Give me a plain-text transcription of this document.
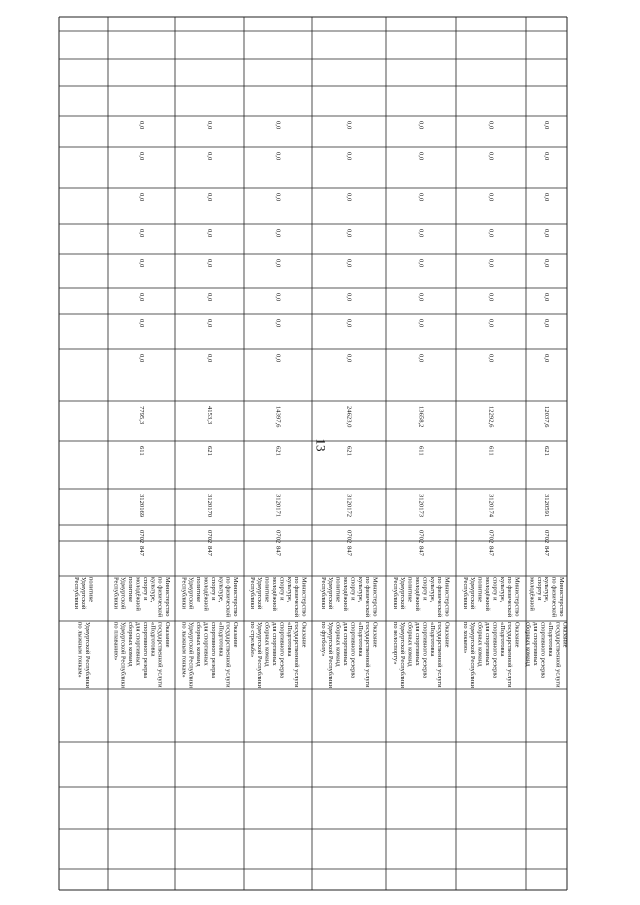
13
Удмуртской Республики по лыжным гонкам»
политике Удмуртской Республики
Оказание государственной услуги «Подготовка спортивного резерва для спортивных сборных команд Удмуртской Республики по плаванию»
Министерство по физической культуре, спорту и молодёжной политике Удмуртской Республики
847
0702
3120169
611
7795,3
0,0
0,0
0,0
0,0
0,0
0,0
0,0
0,0
Оказание государственной услуги «Подготовка спортивного резерва для спортивных сборных команд Удмуртской Республики по лыжным гонкам»
Министерство по физической культуре, спорту и молодёжной политике Удмуртской Республики
847
0702
3120170
621
4153,3
0,0
0,0
0,0
0,0
0,0
0,0
0,0
0,0
Оказание государственной услуги «Подготовка спортивного резерва для спортивных сборных команд Удмуртской Республики по стрельбе»
Министерство по физической культуре, спорту и молодёжной политике Удмуртской Республики
847
0702
3120171
621
14397,6
0,0
0,0
0,0
0,0
0,0
0,0
0,0
0,0
Оказание государственной услуги «Подготовка спортивного резерва для спортивных сборных команд Удмуртской Республики по футболу»
Министерство по физической культуре, спорту и молодёжной политике Удмуртской Республики
847
0702
3120172
621
24623,0
0,0
0,0
0,0
0,0
0,0
0,0
0,0
0,0
Оказание государственной услуги «Подготовка спортивного резерва для спортивных сборных команд Удмуртской Республики по велоспорту»
Министерство по физической культуре, спорту и молодёжной политике Удмуртской Республики
847
0702
3120173
611
13658,2
0,0
0,0
0,0
0,0
0,0
0,0
0,0
0,0
Оказание государственной услуги «Подготовка спортивного резерва для спортивных сборных команд Удмуртской Республики по хоккею»
Министерство по физической культуре, спорту и молодёжной политике Удмуртской Республики
847
0702
3120174
611
12292,6
0,0
0,0
0,0
0,0
0,0
0,0
0,0
0,0
Оказание государственной услуги «Подготовка спортивного резерва для спортивных сборных команд
Министерство по физической культуре, спорту и молодёжной
847
0702
3120591
621
12037,6
0,0
0,0
0,0
0,0
0,0
0,0
0,0
0,0
